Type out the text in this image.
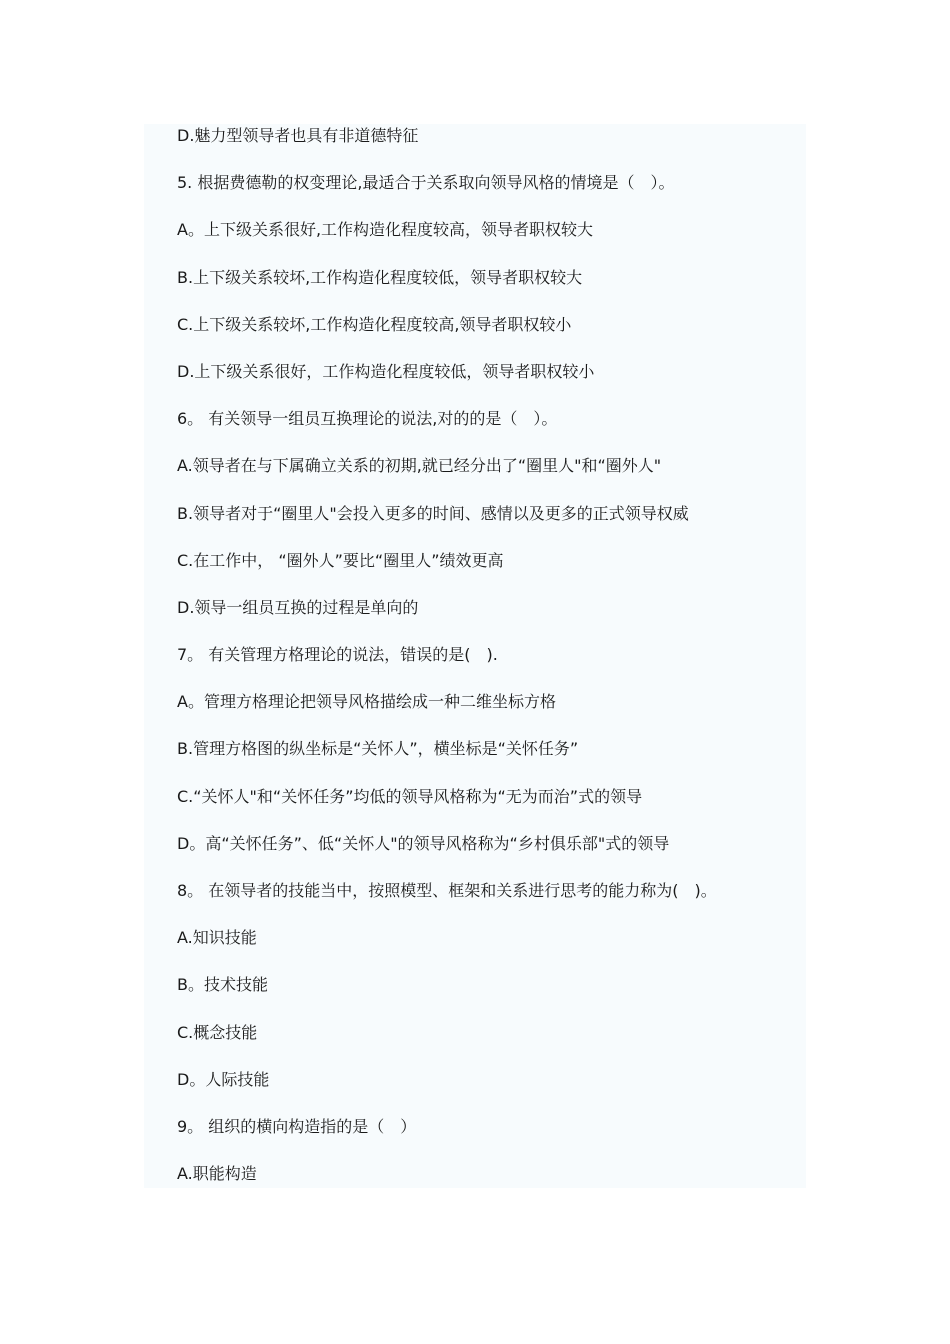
D.魅力型领导者也具有非道德特征
5. 根据费德勒的权变理论,最适合于关系取向领导风格的情境是（　）。
A。上下级关系很好,工作构造化程度较高，领导者职权较大
B.上下级关系较坏,工作构造化程度较低，领导者职权较大
C.上下级关系较坏,工作构造化程度较高,领导者职权较小
D.上下级关系很好，工作构造化程度较低，领导者职权较小
6。 有关领导一组员互换理论的说法,对的的是（　）。
A.领导者在与下属确立关系的初期,就已经分出了“圈里人"和“圈外人"
B.领导者对于“圈里人"会投入更多的时间、感情以及更多的正式领导权威
C.在工作中， “圈外人”要比“圈里人”绩效更高
D.领导一组员互换的过程是单向的
7。 有关管理方格理论的说法，错误的是(　).
A。管理方格理论把领导风格描绘成一种二维坐标方格
B.管理方格图的纵坐标是“关怀人”，横坐标是“关怀任务”
C.“关怀人"和“关怀任务”均低的领导风格称为“无为而治”式的领导
D。高“关怀任务”、低“关怀人"的领导风格称为“乡村俱乐部"式的领导
8。 在领导者的技能当中，按照模型、框架和关系进行思考的能力称为(　)。
A.知识技能
B。技术技能
C.概念技能
D。人际技能
9。 组织的横向构造指的是（　）
A.职能构造
